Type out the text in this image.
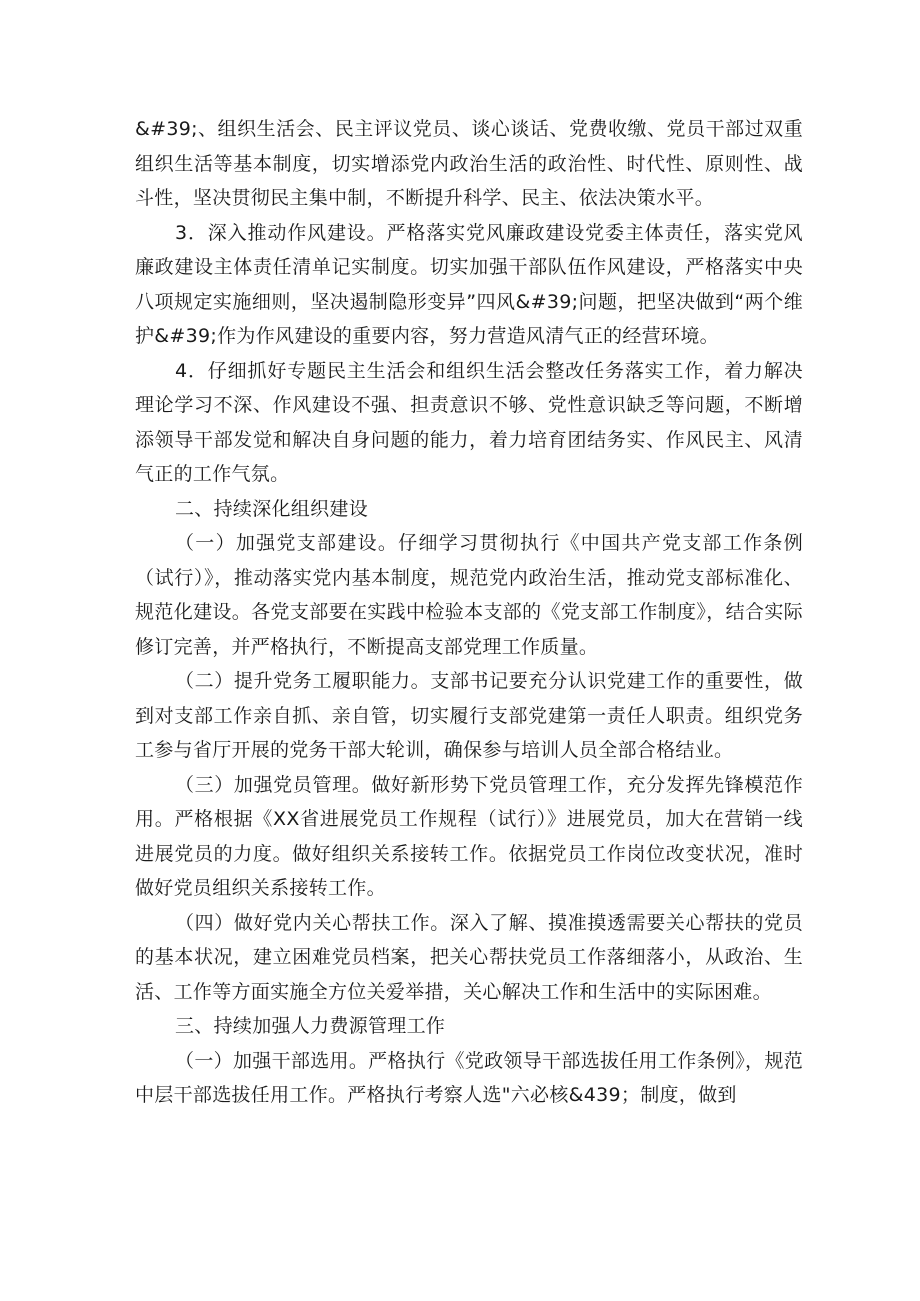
&#39;、组织生活会、民主评议党员、谈心谈话、党费收缴、党员干部过双重组织生活等基本制度，切实增添党内政治生活的政治性、时代性、原则性、战斗性，坚决贯彻民主集中制，不断提升科学、民主、依法决策水平。

3．深入推动作风建设。严格落实党风廉政建设党委主体责任，落实党风廉政建设主体责任清单记实制度。切实加强干部队伍作风建设，严格落实中央八项规定实施细则，坚决遏制隐形变异”四风&#39;问题，把坚决做到“两个维护&#39;作为作风建设的重要内容，努力营造风清气正的经营环境。

4．仔细抓好专题民主生活会和组织生活会整改任务落实工作，着力解决理论学习不深、作风建设不强、担责意识不够、党性意识缺乏等问题，不断增添领导干部发觉和解决自身问题的能力，着力培育团结务实、作风民主、风清气正的工作气氛。

二、持续深化组织建设

（一）加强党支部建设。仔细学习贯彻执行《中国共产党支部工作条例（试行）》，推动落实党内基本制度，规范党内政治生活，推动党支部标准化、规范化建设。各党支部要在实践中检验本支部的《党支部工作制度》，结合实际修订完善，并严格执行，不断提高支部党理工作质量。

（二）提升党务工履职能力。支部书记要充分认识党建工作的重要性，做到对支部工作亲自抓、亲自管，切实履行支部党建第一责任人职责。组织党务工参与省厅开展的党务干部大轮训，确保参与培训人员全部合格结业。

（三）加强党员管理。做好新形势下党员管理工作，充分发挥先锋模范作用。严格根据《XX省进展党员工作规程（试行）》进展党员，加大在营销一线进展党员的力度。做好组织关系接转工作。依据党员工作岗位改变状况，准时做好党员组织关系接转工作。

（四）做好党内关心帮扶工作。深入了解、摸准摸透需要关心帮扶的党员的基本状况，建立困难党员档案，把关心帮扶党员工作落细落小，从政治、生活、工作等方面实施全方位关爱举措，关心解决工作和生活中的实际困难。

三、持续加强人力费源管理工作

（一）加强干部选用。严格执行《党政领导干部选拔任用工作条例》，规范中层干部选拔任用工作。严格执行考察人选"六必核&439；制度，做到
